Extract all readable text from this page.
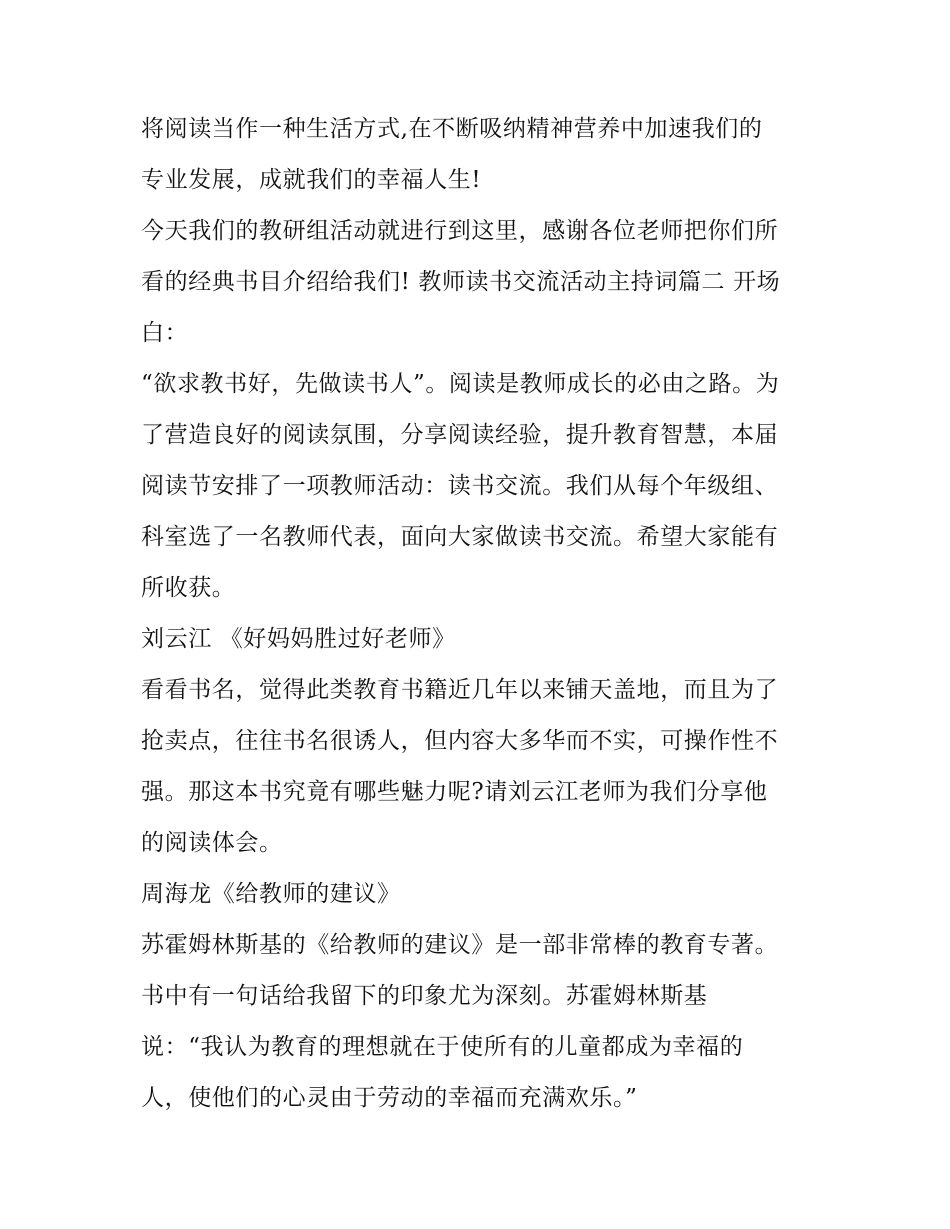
将阅读当作一种生活方式,在不断吸纳精神营养中加速我们的
专业发展，成就我们的幸福人生!
今天我们的教研组活动就进行到这里，感谢各位老师把你们所
看的经典书目介绍给我们! 教师读书交流活动主持词篇二 开场
白：
“欲求教书好，先做读书人”。阅读是教师成长的必由之路。为
了营造良好的阅读氛围，分享阅读经验，提升教育智慧，本届
阅读节安排了一项教师活动：读书交流。我们从每个年级组、
科室选了一名教师代表，面向大家做读书交流。希望大家能有
所收获。
刘云江 《好妈妈胜过好老师》
看看书名，觉得此类教育书籍近几年以来铺天盖地，而且为了
抢卖点，往往书名很诱人，但内容大多华而不实，可操作性不
强。那这本书究竟有哪些魅力呢?请刘云江老师为我们分享他
的阅读体会。
周海龙《给教师的建议》
苏霍姆林斯基的《给教师的建议》是一部非常棒的教育专著。
书中有一句话给我留下的印象尤为深刻。苏霍姆林斯基
说：“我认为教育的理想就在于使所有的儿童都成为幸福的
人，使他们的心灵由于劳动的幸福而充满欢乐。”
